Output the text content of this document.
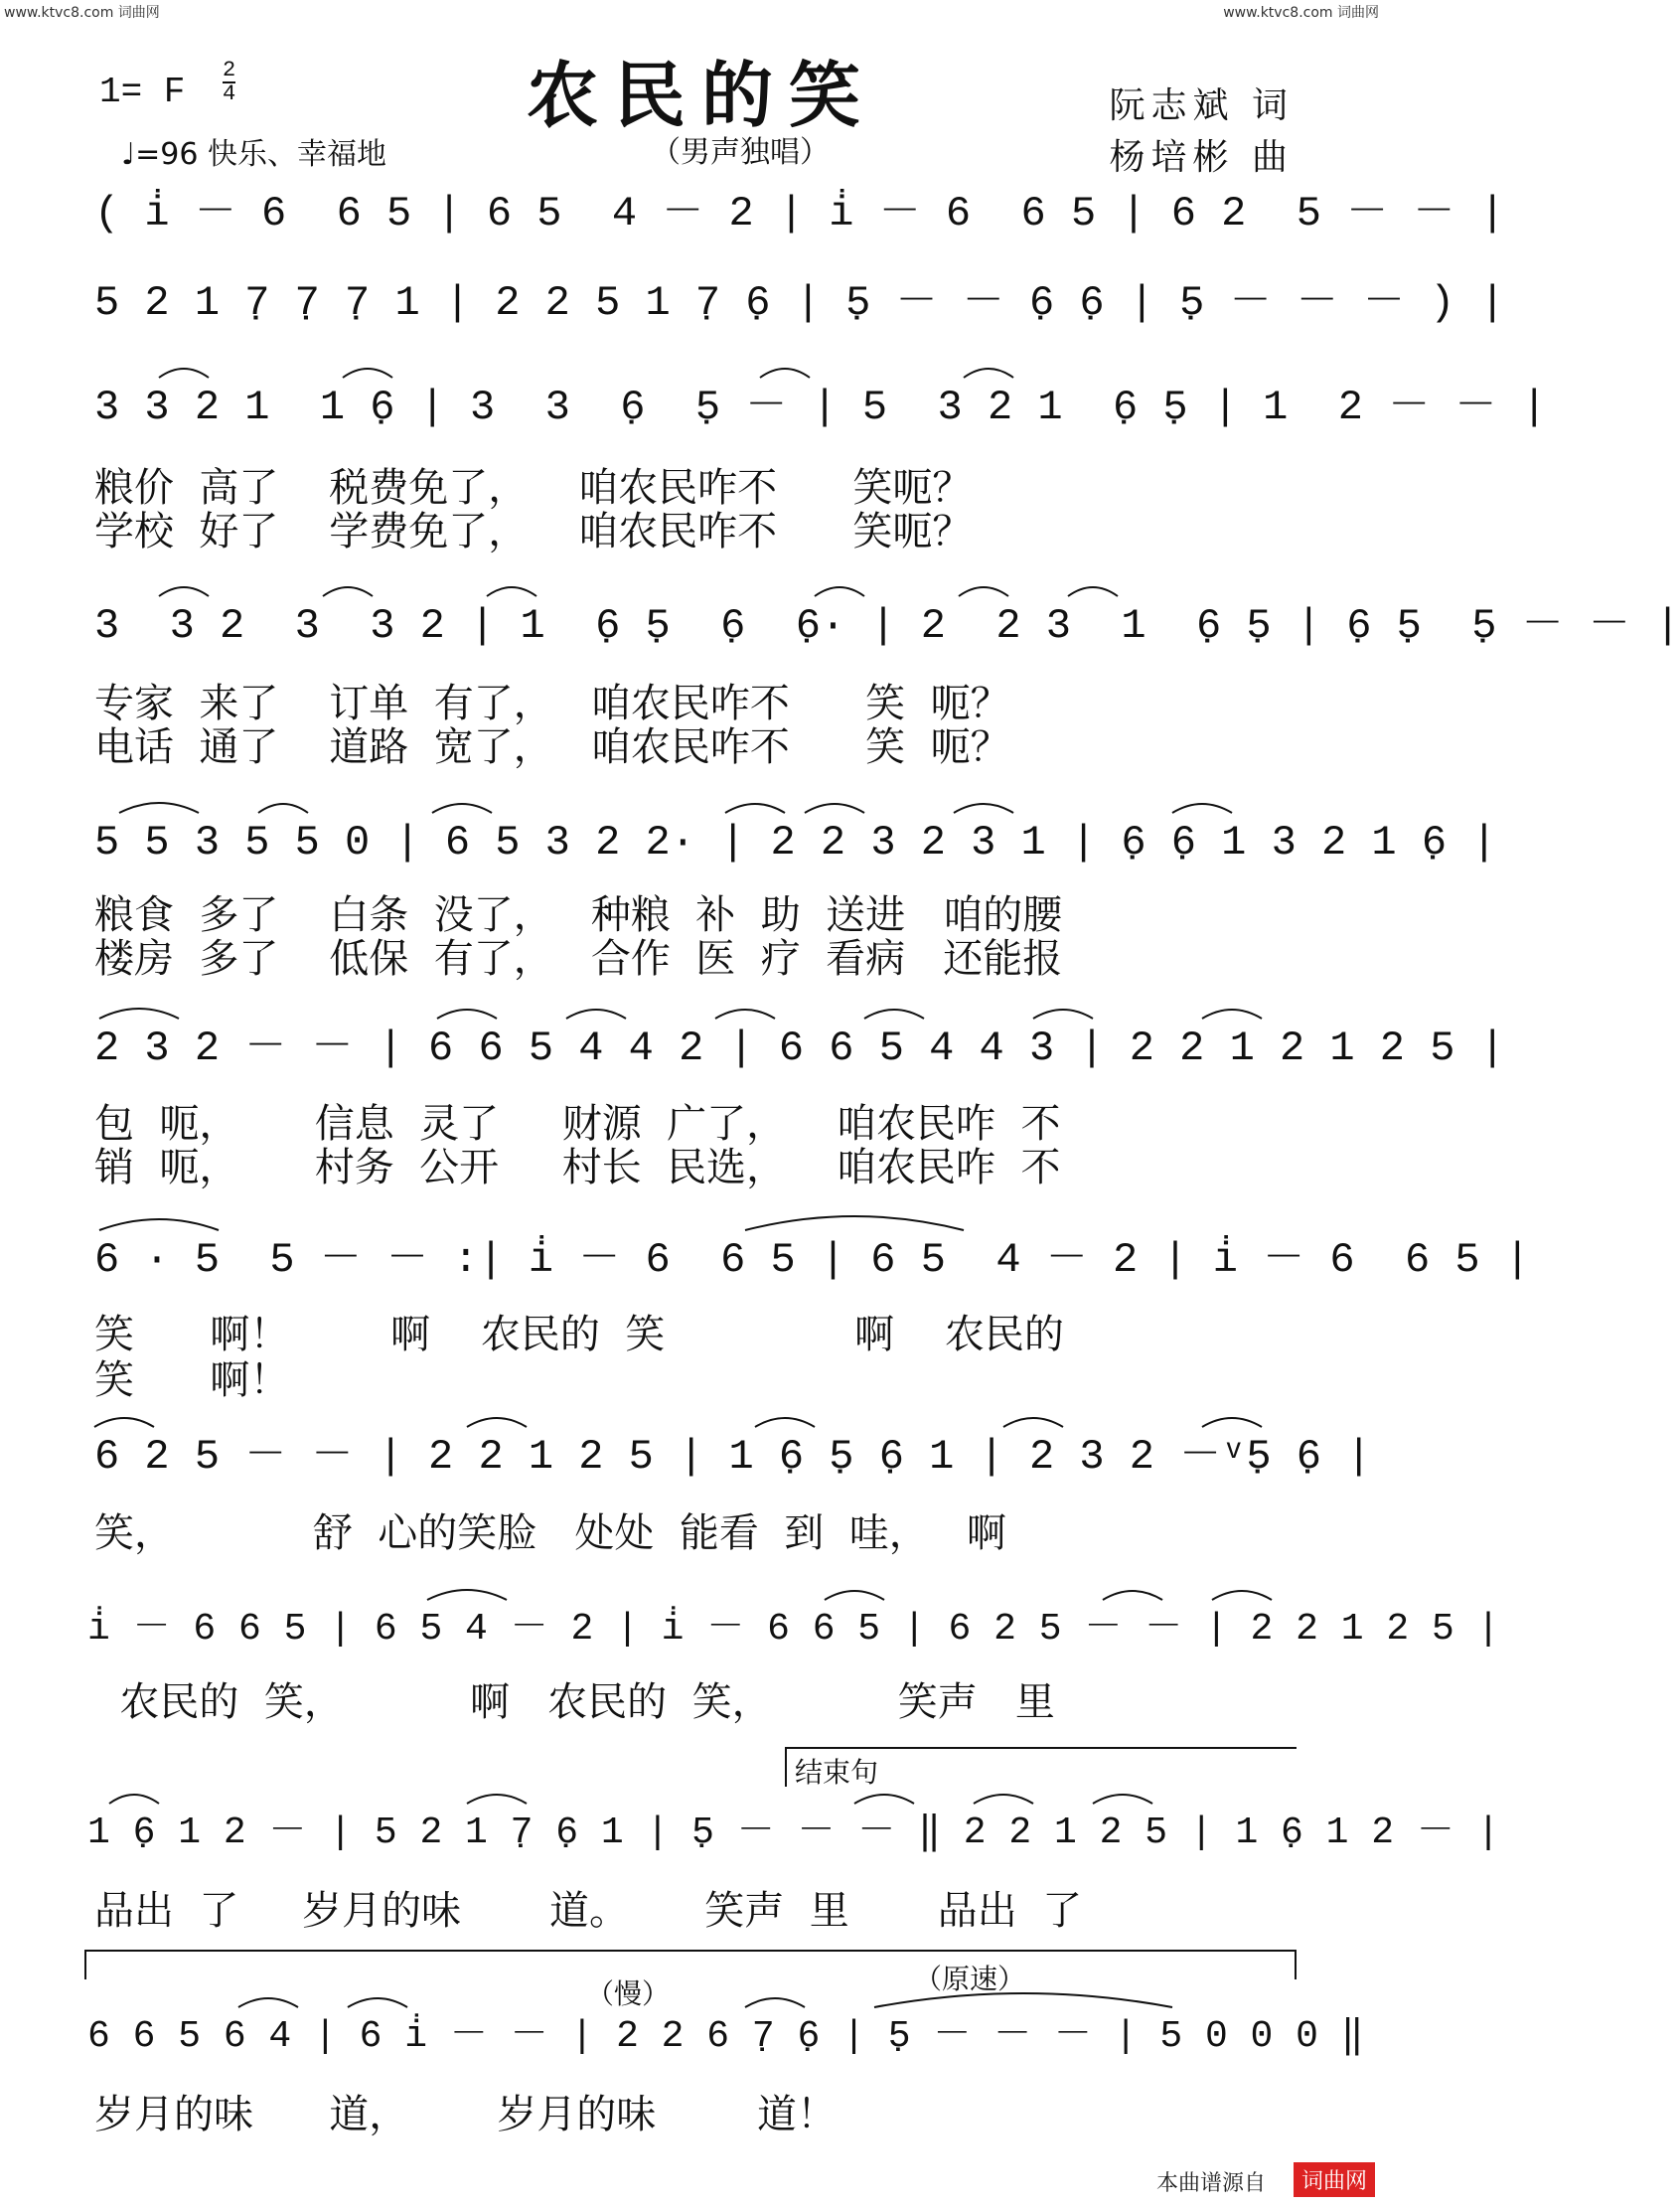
www.ktvc8.com 词曲网	www.ktvc8.com 词曲网
1= F $\frac{2}{4}$
♩=96 快乐、幸福地
农民的笑
（男声独唱）
阮志斌 词
杨培彬 曲
( i̇ － 6  6 5 | 6 5  4 － 2 | i̇ － 6  6 5 | 6 2  5 － － |
5 2 1 7̣ 7̣ 7̣ 1 | 2 2 5 1 7̣ 6̣ | 5̣ － － 6̣ 6̣ | 5̣ － － － ) |
3 3 2 1  1 6̣ | 3  3  6̣  5̣ － | 5  3 2 1  6̣ 5̣ | 1  2 － － |
粮价  高了    税费免了，    咱农民咋不      笑呃？
学校  好了    学费免了，    咱农民咋不      笑呃？
3  3 2  3  3 2 | 1  6̣ 5̣  6̣  6̣· | 2  2 3  1  6̣ 5̣ | 6̣ 5̣  5̣ － － |
专家  来了    订单  有了，   咱农民咋不      笑  呃？
电话  通了    道路  宽了，   咱农民咋不      笑  呃？
5 5 3 5 5 0 | 6 5 3 2 2· | 2 2 3 2 3 1 | 6̣ 6̣ 1 3 2 1 6̣ |
粮食  多了    白条  没了，   种粮  补  助  送进   咱的腰
楼房  多了    低保  有了，   合作  医  疗  看病   还能报
2 3 2 － － | 6 6 5 4 4 2 | 6 6 5 4 4 3 | 2 2 1 2 1 2 5 |
包  呃，      信息  灵了     财源  广了，    咱农民咋  不
销  呃，      村务  公开     村长  民选，    咱农民咋  不
6 · 5  5 － － :| i̇ － 6  6 5 | 6 5  4 － 2 | i̇ － 6  6 5 |
笑      啊！        啊    农民的  笑               啊    农民的
笑      啊！
6 2 5 － － | 2 2 1 2 5 | 1 6̣ 5̣ 6̣ 1 | 2 3 2 －ᵛ5̣ 6̣ |
笑，           舒  心的笑脸   处处  能看  到  哇，   啊
i̇ － 6 6 5 | 6 5 4 － 2 | i̇ － 6 6 5 | 6 2 5 － － | 2 2 1 2 5 |
农民的  笑，          啊   农民的  笑，          笑声   里
结束句
1 6̣ 1 2 － | 5 2 1 7̣ 6̣ 1 | 5̣ － － － ‖ 2 2 1 2 5 | 1 6̣ 1 2 － |
品出  了     岁月的味       道。      笑声  里       品出  了
（慢）	（原速）
6 6 5 6 4 | 6 i̇ － － | 2 2 6 7̣ 6̣ | 5̣ － － － | 5 0 0 0 ‖
岁月的味      道，       岁月的味        道！
本曲谱源自	词曲网
